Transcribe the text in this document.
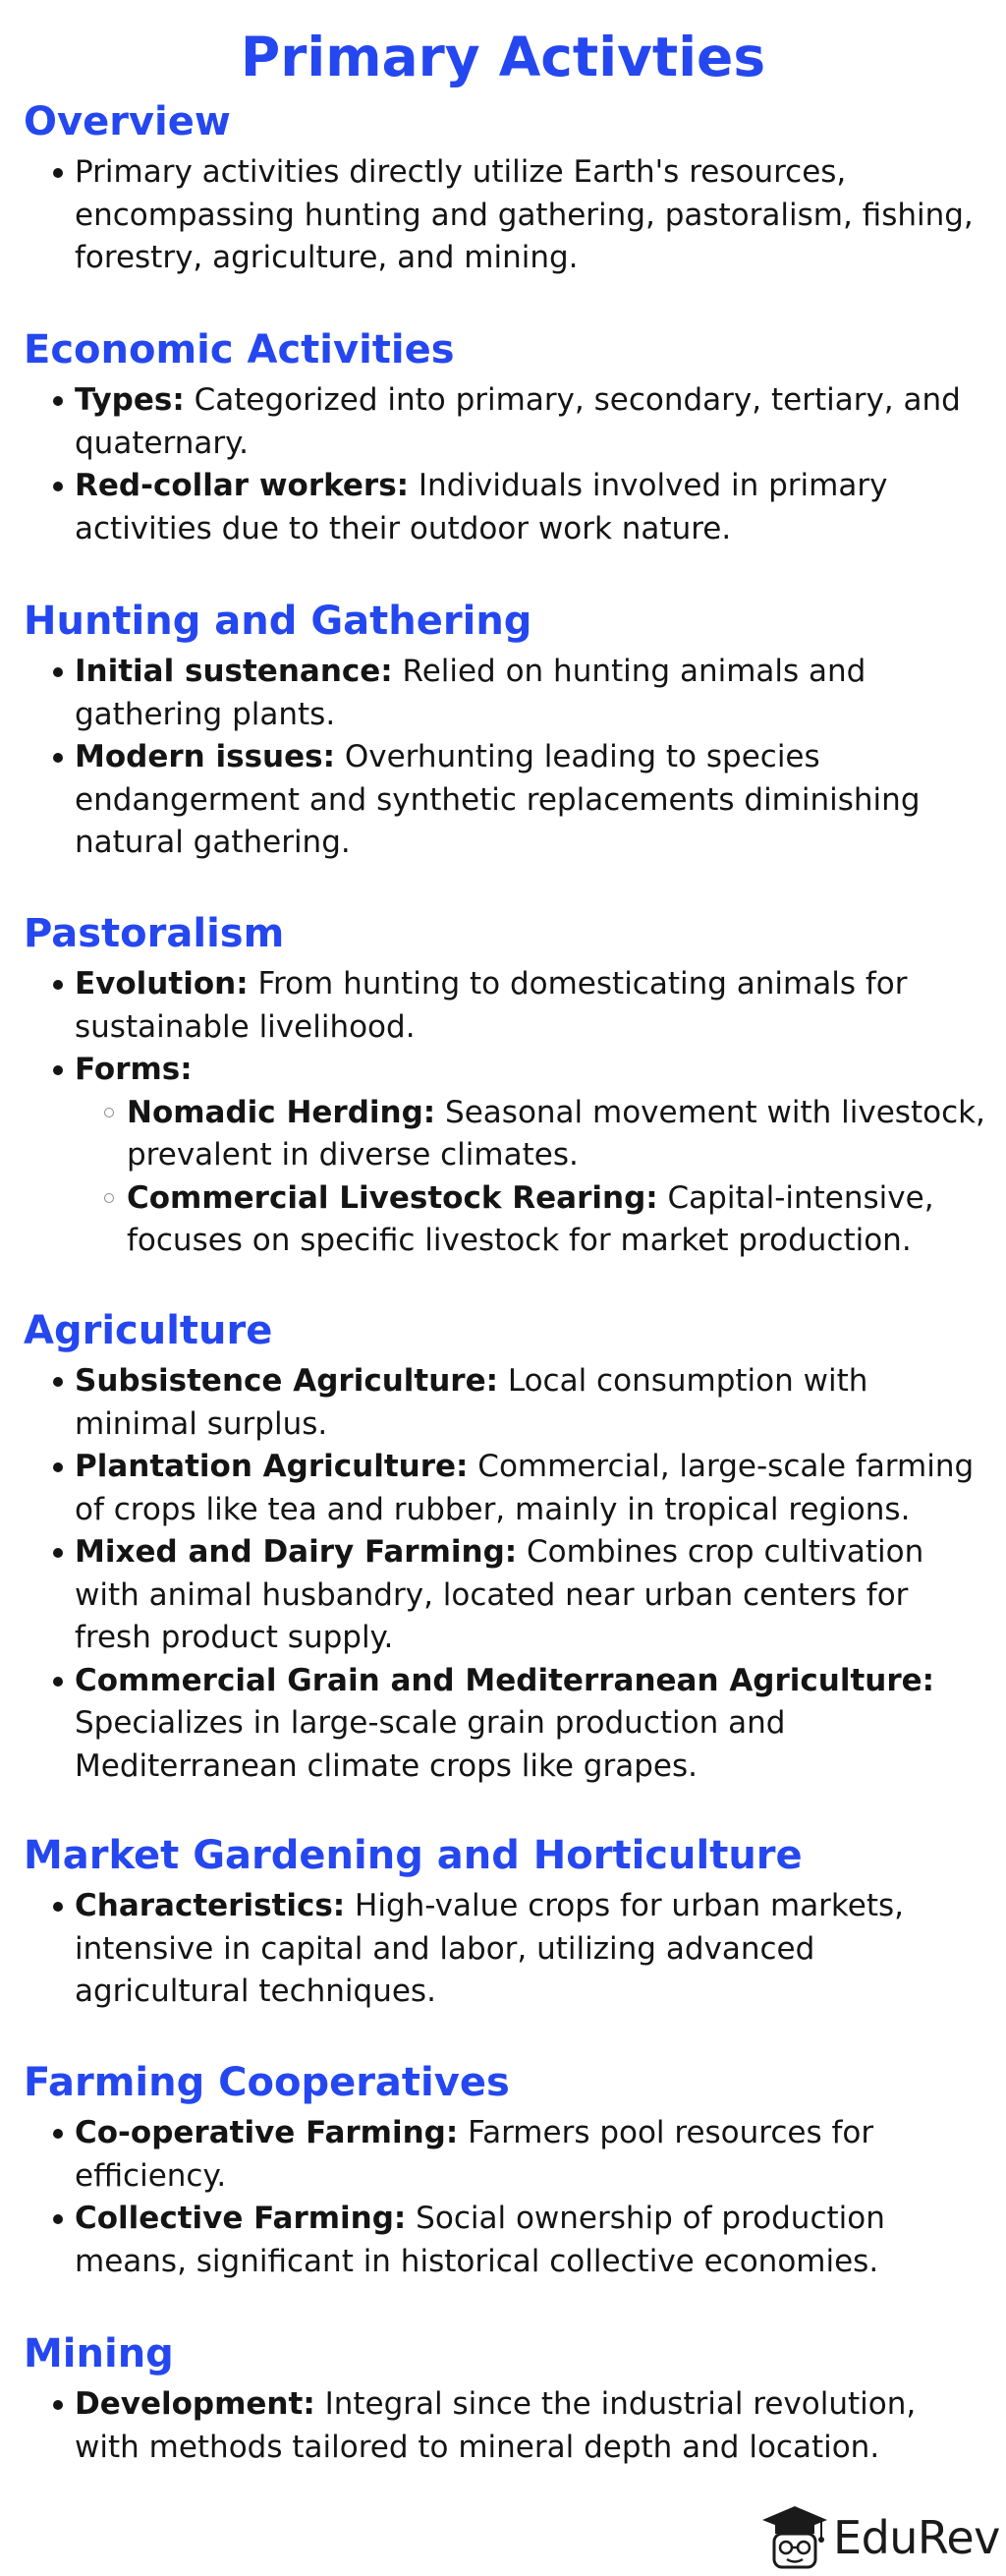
Primary Activties
Overview
Primary activities directly utilize Earth's resources, encompassing hunting and gathering, pastoralism, fishing, forestry, agriculture, and mining.
Economic Activities
Types: Categorized into primary, secondary, tertiary, and quaternary.
Red-collar workers: Individuals involved in primary activities due to their outdoor work nature.
Hunting and Gathering
Initial sustenance: Relied on hunting animals and gathering plants.
Modern issues: Overhunting leading to species endangerment and synthetic replacements diminishing natural gathering.
Pastoralism
Evolution: From hunting to domesticating animals for sustainable livelihood.
Forms:
Nomadic Herding: Seasonal movement with livestock, prevalent in diverse climates.
Commercial Livestock Rearing: Capital-intensive, focuses on specific livestock for market production.
Agriculture
Subsistence Agriculture: Local consumption with minimal surplus.
Plantation Agriculture: Commercial, large-scale farming of crops like tea and rubber, mainly in tropical regions.
Mixed and Dairy Farming: Combines crop cultivation with animal husbandry, located near urban centers for fresh product supply.
Commercial Grain and Mediterranean Agriculture: Specializes in large-scale grain production and Mediterranean climate crops like grapes.
Market Gardening and Horticulture
Characteristics: High-value crops for urban markets, intensive in capital and labor, utilizing advanced agricultural techniques.
Farming Cooperatives
Co-operative Farming: Farmers pool resources for efficiency.
Collective Farming: Social ownership of production means, significant in historical collective economies.
Mining
Development: Integral since the industrial revolution, with methods tailored to mineral depth and location.
EduRev
